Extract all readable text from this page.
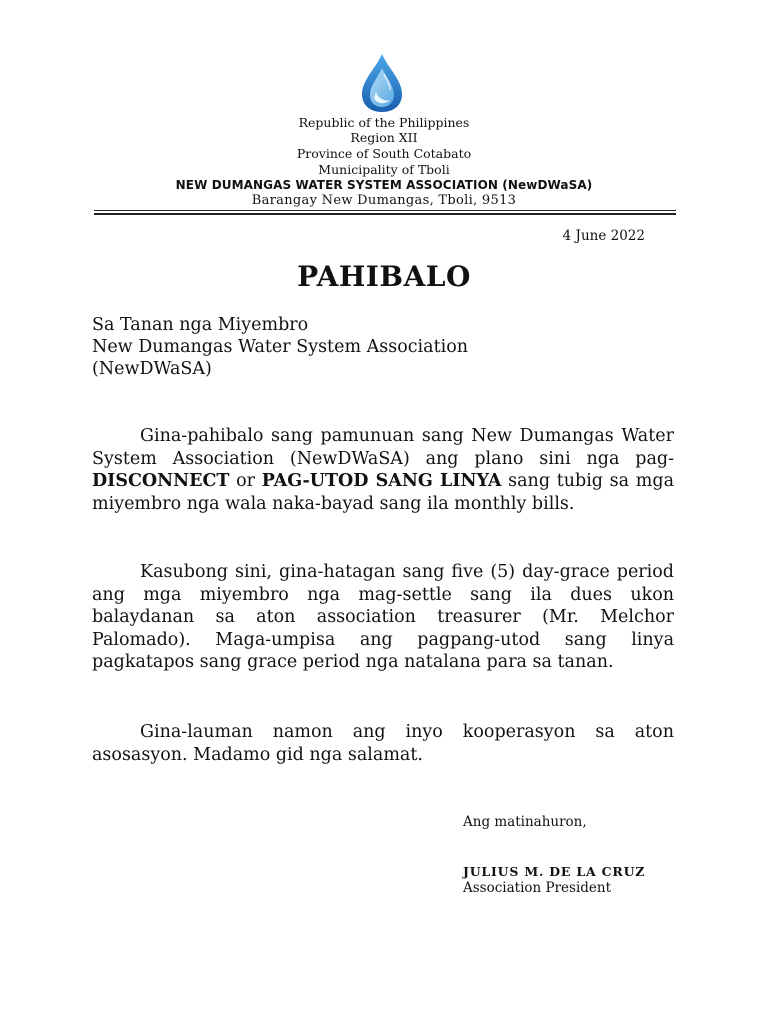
Republic of the Philippines
Region XII
Province of South Cotabato
Municipality of Tboli
NEW DUMANGAS WATER SYSTEM ASSOCIATION (NewDWaSA)
Barangay New Dumangas, Tboli, 9513
4 June 2022
PAHIBALO
Sa Tanan nga Miyembro
New Dumangas Water System Association
(NewDWaSA)

Gina-pahibalo sang pamunuan sang New Dumangas Water System Association (NewDWaSA) ang plano sini nga pag-DISCONNECT or PAG-UTOD SANG LINYA sang tubig sa mga miyembro nga wala naka-bayad sang ila monthly bills.

Kasubong sini, gina-hatagan sang five (5) day-grace period ang mga miyembro nga mag-settle sang ila dues ukon balaydanan sa aton association treasurer (Mr. Melchor Palomado). Maga-umpisa ang pagpang-utod sang linya pagkatapos sang grace period nga natalana para sa tanan.

Gina-lauman namon ang inyo kooperasyon sa aton asosasyon. Madamo gid nga salamat.

Ang matinahuron,
JULIUS M. DE LA CRUZ
Association President
